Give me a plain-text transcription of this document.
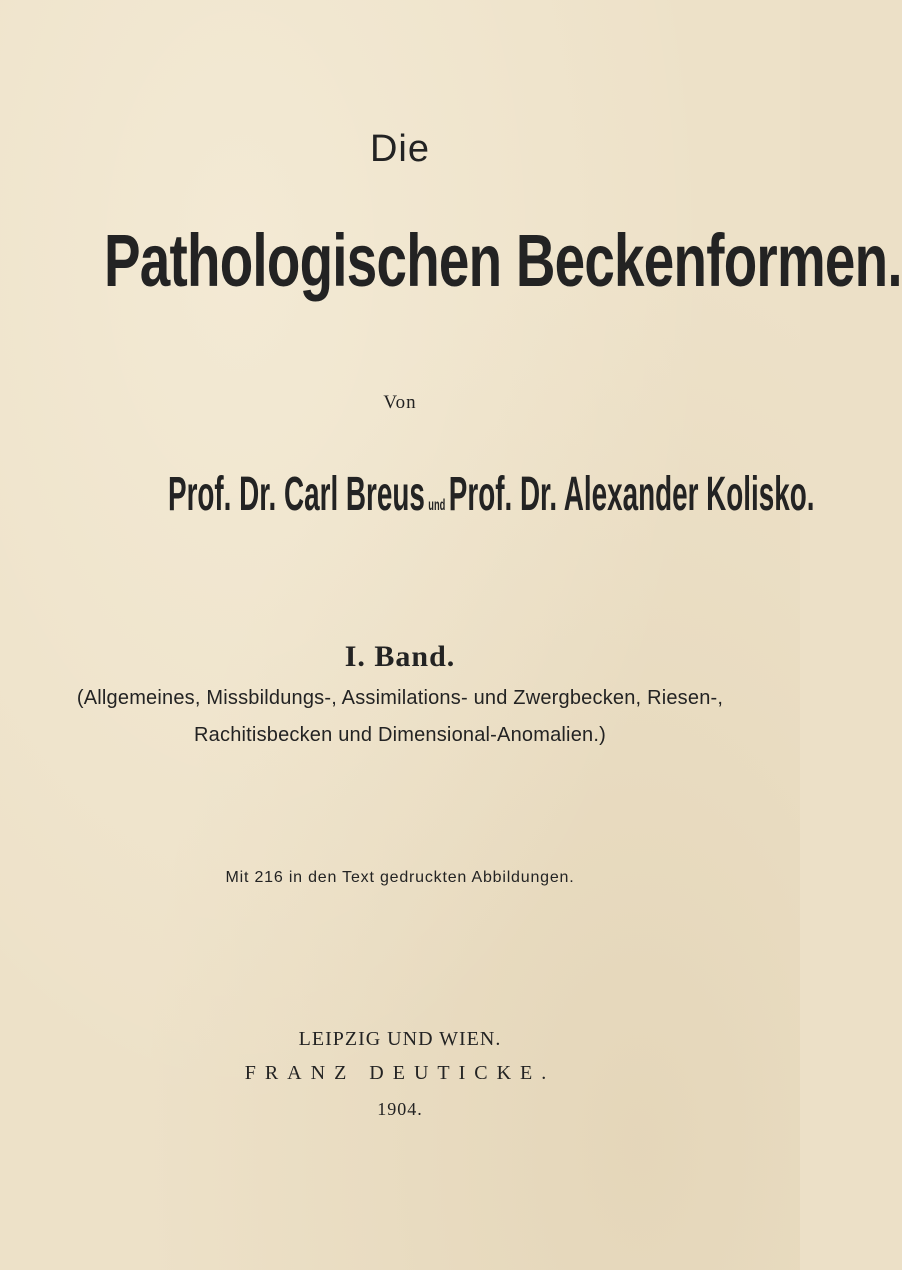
Die
Pathologischen Beckenformen.
Von
Prof. Dr. Carl Breus undProf. Dr. Alexander Kolisko.
I. Band.
(Allgemeines, Missbildungs-, Assimilations- und Zwergbecken, Riesen-,
Rachitisbecken und Dimensional-Anomalien.)
Mit 216 in den Text gedruckten Abbildungen.
LEIPZIG UND WIEN.
FRANZ DEUTICKE.
1904.
